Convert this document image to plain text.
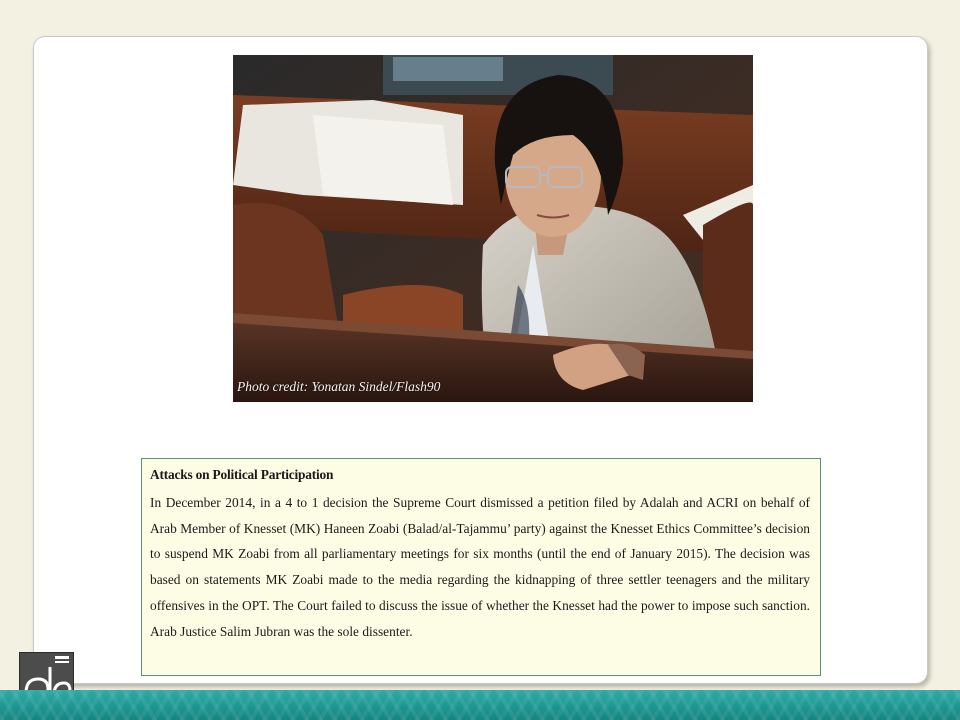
Photo credit: Yonatan Sindel/Flash90
Attacks on Political Participation

In December 2014, in a 4 to 1 decision the Supreme Court dismissed a petition filed by Adalah and ACRI on behalf of Arab Member of Knesset (MK) Haneen Zoabi (Balad/al-Tajammu’ party) against the Knesset Ethics Committee’s decision to suspend MK Zoabi from all parliamentary meetings for six months (until the end of January 2015). The decision was based on statements MK Zoabi made to the media regarding the kidnapping of three settler teenagers and the military offensives in the OPT. The Court failed to discuss the issue of whether the Knesset had the power to impose such sanction. Arab Justice Salim Jubran was the sole dissenter.
